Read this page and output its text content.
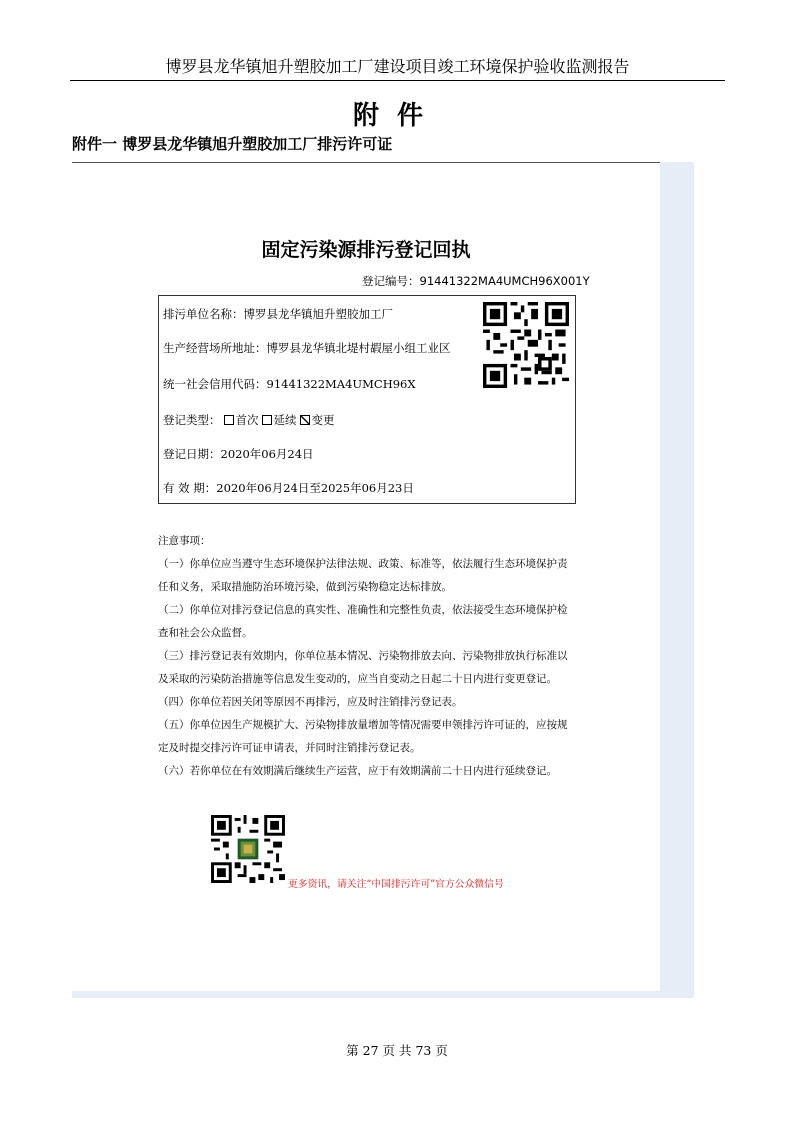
博罗县龙华镇旭升塑胶加工厂建设项目竣工环境保护验收监测报告
附件
附件一 博罗县龙华镇旭升塑胶加工厂排污许可证
固定污染源排污登记回执
登记编号：91441322MA4UMCH96X001Y
排污单位名称：博罗县龙华镇旭升塑胶加工厂
生产经营场所地址：博罗县龙华镇北堤村嘏屋小组工业区
统一社会信用代码：91441322MA4UMCH96X
登记类型： 首次 延续 变更
登记日期：2020年06月24日
有 效 期：2020年06月24日至2025年06月23日
注意事项：
（一）你单位应当遵守生态环境保护法律法规、政策、标准等，依法履行生态环境保护责
任和义务，采取措施防治环境污染，做到污染物稳定达标排放。
（二）你单位对排污登记信息的真实性、准确性和完整性负责，依法接受生态环境保护检
查和社会公众监督。
（三）排污登记表有效期内，你单位基本情况、污染物排放去向、污染物排放执行标准以
及采取的污染防治措施等信息发生变动的，应当自变动之日起二十日内进行变更登记。
（四）你单位若因关闭等原因不再排污，应及时注销排污登记表。
（五）你单位因生产规模扩大、污染物排放量增加等情况需要申领排污许可证的，应按规
定及时提交排污许可证申请表，并同时注销排污登记表。
（六）若你单位在有效期满后继续生产运营，应于有效期满前二十日内进行延续登记。
更多资讯，请关注“中国排污许可”官方公众微信号
第 27 页 共 73 页
